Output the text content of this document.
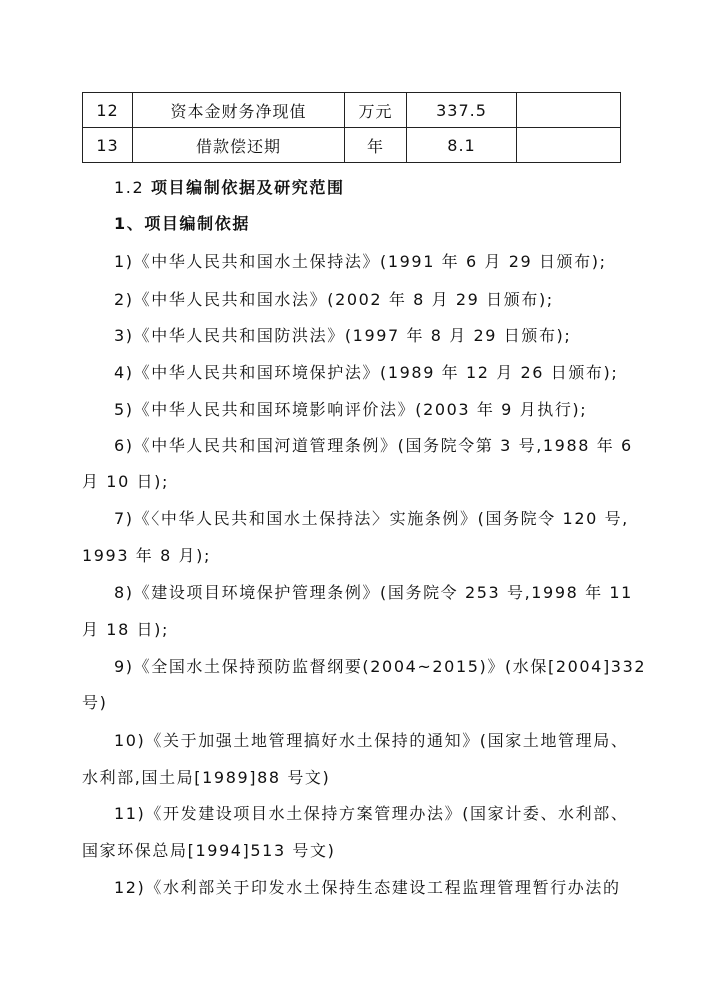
12	资本金财务净现值	万元	337.5	
13	借款偿还期	年	8.1	
1.2 项目编制依据及研究范围
1、项目编制依据
1)《中华人民共和国水土保持法》(1991 年 6 月 29 日颁布);
2)《中华人民共和国水法》(2002 年 8 月 29 日颁布);
3)《中华人民共和国防洪法》(1997 年 8 月 29 日颁布);
4)《中华人民共和国环境保护法》(1989 年 12 月 26 日颁布);
5)《中华人民共和国环境影响评价法》(2003 年 9 月执行);
6)《中华人民共和国河道管理条例》(国务院令第 3 号,1988 年 6
月 10 日);
7)《〈中华人民共和国水土保持法〉实施条例》(国务院令 120 号,
1993 年 8 月);
8)《建设项目环境保护管理条例》(国务院令 253 号,1998 年 11
月 18 日);
9)《全国水土保持预防监督纲要(2004~2015)》(水保[2004]332
号)
10)《关于加强土地管理搞好水土保持的通知》(国家土地管理局、
水利部,国土局[1989]88 号文)
11)《开发建设项目水土保持方案管理办法》(国家计委、水利部、
国家环保总局[1994]513 号文)
12)《水利部关于印发水土保持生态建设工程监理管理暂行办法的
